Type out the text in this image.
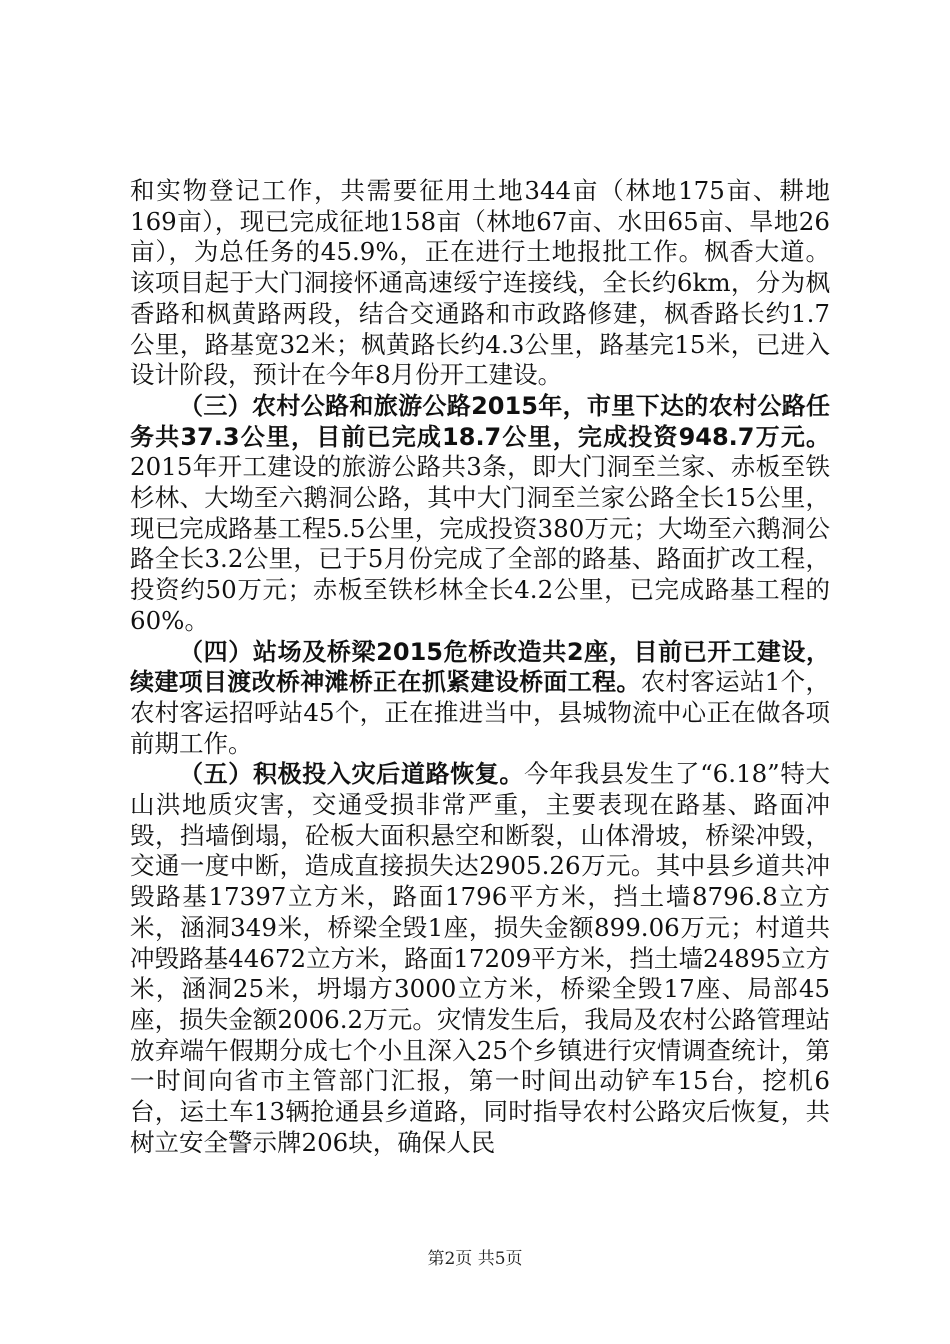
和实物登记工作，共需要征用土地344亩（林地175亩、耕地169亩），现已完成征地158亩（林地67亩、水田65亩、旱地26亩），为总任务的45.9%，正在进行土地报批工作。枫香大道。该项目起于大门洞接怀通高速绥宁连接线，全长约6km，分为枫香路和枫黄路两段，结合交通路和市政路修建，枫香路长约1.7公里，路基宽32米；枫黄路长约4.3公里，路基完15米，已进入设计阶段，预计在今年8月份开工建设。

（三）农村公路和旅游公路2015年，市里下达的农村公路任务共37.3公里，目前已完成18.7公里，完成投资948.7万元。2015年开工建设的旅游公路共3条，即大门洞至兰家、赤板至铁杉林、大坳至六鹅洞公路，其中大门洞至兰家公路全长15公里，现已完成路基工程5.5公里，完成投资380万元；大坳至六鹅洞公路全长3.2公里，已于5月份完成了全部的路基、路面扩改工程，投资约50万元；赤板至铁杉林全长4.2公里，已完成路基工程的60%。

（四）站场及桥梁2015危桥改造共2座，目前已开工建设，续建项目渡改桥神滩桥正在抓紧建设桥面工程。农村客运站1个，农村客运招呼站45个，正在推进当中，县城物流中心正在做各项前期工作。

（五）积极投入灾后道路恢复。今年我县发生了“6.18”特大山洪地质灾害，交通受损非常严重，主要表现在路基、路面冲毁，挡墙倒塌，砼板大面积悬空和断裂，山体滑坡，桥梁冲毁，交通一度中断，造成直接损失达2905.26万元。其中县乡道共冲毁路基17397立方米，路面1796平方米，挡土墙8796.8立方米，涵洞349米，桥梁全毁1座，损失金额899.06万元；村道共冲毁路基44672立方米，路面17209平方米，挡土墙24895立方米，涵洞25米，坍塌方3000立方米，桥梁全毁17座、局部45座，损失金额2006.2万元。灾情发生后，我局及农村公路管理站放弃端午假期分成七个小且深入25个乡镇进行灾情调查统计，第一时间向省市主管部门汇报，第一时间出动铲车15台，挖机6台，运土车13辆抢通县乡道路，同时指导农村公路灾后恢复，共树立安全警示牌206块，确保人民

第2页 共5页
